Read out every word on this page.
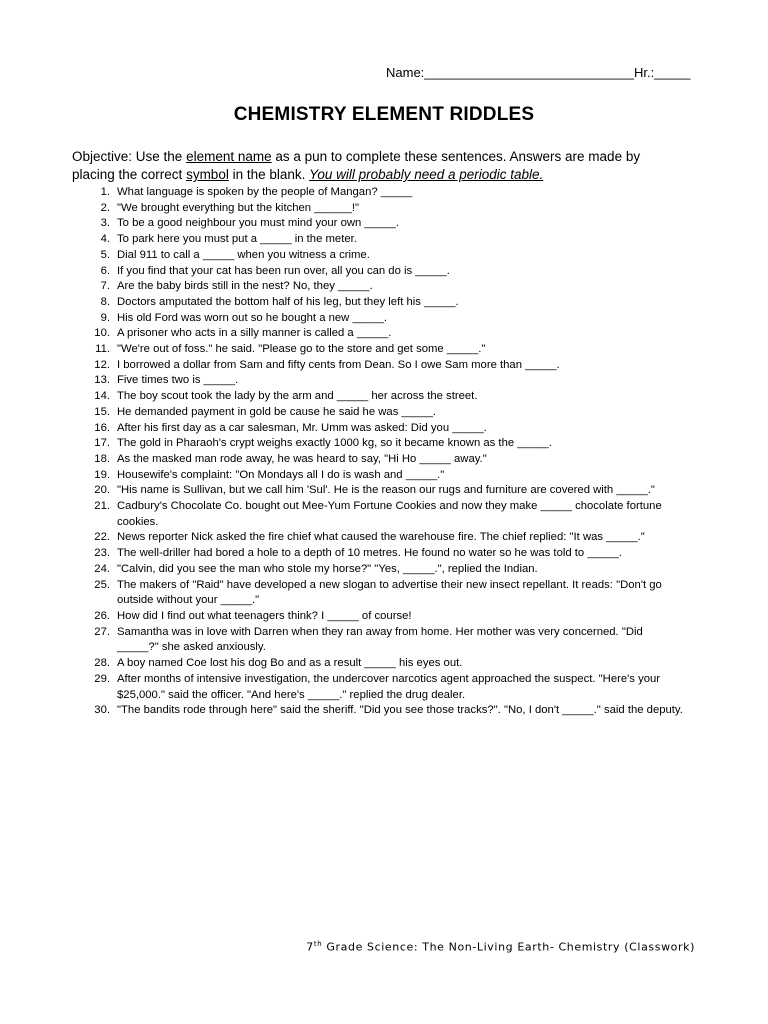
Name:_____________________________Hr.:_____
CHEMISTRY ELEMENT RIDDLES
Objective: Use the element name as a pun to complete these sentences. Answers are made by placing the correct symbol in the blank. You will probably need a periodic table.
1. What language is spoken by the people of Mangan? _____
2. "We brought everything but the kitchen ______!"
3. To be a good neighbour you must mind your own _____.
4. To park here you must put a _____ in the meter.
5. Dial 911 to call a _____ when you witness a crime.
6. If you find that your cat has been run over, all you can do is _____.
7. Are the baby birds still in the nest? No, they _____.
8. Doctors amputated the bottom half of his leg, but they left his _____.
9. His old Ford was worn out so he bought a new _____.
10. A prisoner who acts in a silly manner is called a _____.
11. "We're out of foss." he said. "Please go to the store and get some _____."
12. I borrowed a dollar from Sam and fifty cents from Dean. So I owe Sam more than _____.
13. Five times two is _____.
14. The boy scout took the lady by the arm and _____ her across the street.
15. He demanded payment in gold be cause he said he was _____.
16. After his first day as a car salesman, Mr. Umm was asked: Did you _____.
17. The gold in Pharaoh's crypt weighs exactly 1000 kg, so it became known as the _____.
18. As the masked man rode away, he was heard to say, "Hi Ho _____ away."
19. Housewife's complaint: "On Mondays all I do is wash and _____."
20. "His name is Sullivan, but we call him 'Sul'. He is the reason our rugs and furniture are covered with _____."
21. Cadbury's Chocolate Co. bought out Mee-Yum Fortune Cookies and now they make _____ chocolate fortune cookies.
22. News reporter Nick asked the fire chief what caused the warehouse fire. The chief replied: "It was _____."
23. The well-driller had bored a hole to a depth of 10 metres. He found no water so he was told to _____.
24. "Calvin, did you see the man who stole my horse?" "Yes, _____.", replied the Indian.
25. The makers of "Raid" have developed a new slogan to advertise their new insect repellant. It reads: "Don't go outside without your _____."
26. How did I find out what teenagers think? I _____ of course!
27. Samantha was in love with Darren when they ran away from home. Her mother was very concerned. "Did _____?" she asked anxiously.
28. A boy named Coe lost his dog Bo and as a result _____ his eyes out.
29. After months of intensive investigation, the undercover narcotics agent approached the suspect. "Here's your $25,000." said the officer. "And here's _____." replied the drug dealer.
30. "The bandits rode through here" said the sheriff. "Did you see those tracks?". "No, I don't _____." said the deputy.
7th Grade Science: The Non-Living Earth- Chemistry (Classwork)
